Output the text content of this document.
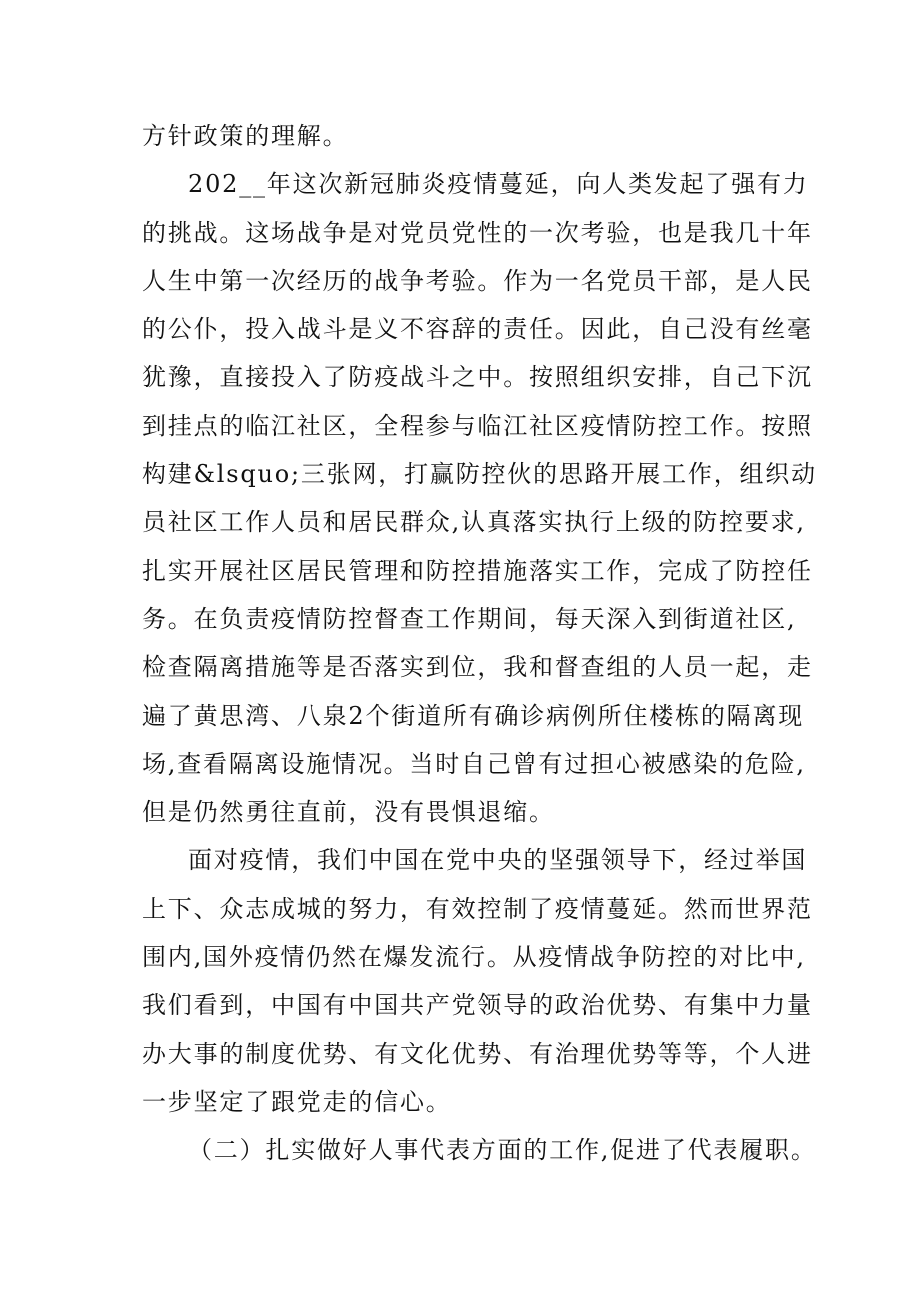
方针政策的理解。
202__年这次新冠肺炎疫情蔓延，向人类发起了强有力
的挑战。这场战争是对党员党性的一次考验，也是我几十年
人生中第一次经历的战争考验。作为一名党员干部，是人民
的公仆，投入战斗是义不容辞的责任。因此，自己没有丝毫
犹豫，直接投入了防疫战斗之中。按照组织安排，自己下沉
到挂点的临江社区，全程参与临江社区疫情防控工作。按照
构建&lsquo;三张网，打赢防控伙的思路开展工作，组织动
员社区工作人员和居民群众,认真落实执行上级的防控要求,
扎实开展社区居民管理和防控措施落实工作，完成了防控任
务。在负责疫情防控督查工作期间，每天深入到街道社区,
检查隔离措施等是否落实到位，我和督查组的人员一起，走
遍了黄思湾、八泉2个街道所有确诊病例所住楼栋的隔离现
场,查看隔离设施情况。当时自己曾有过担心被感染的危险,
但是仍然勇往直前，没有畏惧退缩。
面对疫情，我们中国在党中央的坚强领导下，经过举国
上下、众志成城的努力，有效控制了疫情蔓延。然而世界范
围内,国外疫情仍然在爆发流行。从疫情战争防控的对比中,
我们看到，中国有中国共产党领导的政治优势、有集中力量
办大事的制度优势、有文化优势、有治理优势等等，个人进
一步坚定了跟党走的信心。
（二）扎实做好人事代表方面的工作,促进了代表履职。
